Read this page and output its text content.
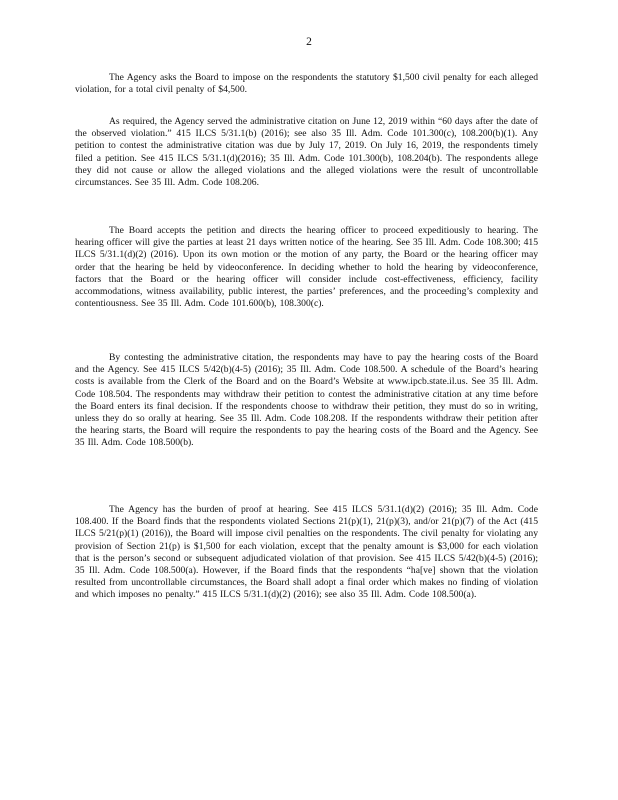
2

The Agency asks the Board to impose on the respondents the statutory $1,500 civil penalty for each alleged violation, for a total civil penalty of $4,500.

As required, the Agency served the administrative citation on June 12, 2019 within “60 days after the date of the observed violation.” 415 ILCS 5/31.1(b) (2016); see also 35 Ill. Adm. Code 101.300(c), 108.200(b)(1). Any petition to contest the administrative citation was due by July 17, 2019. On July 16, 2019, the respondents timely filed a petition. See 415 ILCS 5/31.1(d)(2016); 35 Ill. Adm. Code 101.300(b), 108.204(b). The respondents allege they did not cause or allow the alleged violations and the alleged violations were the result of uncontrollable circumstances. See 35 Ill. Adm. Code 108.206.

The Board accepts the petition and directs the hearing officer to proceed expeditiously to hearing. The hearing officer will give the parties at least 21 days written notice of the hearing. See 35 Ill. Adm. Code 108.300; 415 ILCS 5/31.1(d)(2) (2016). Upon its own motion or the motion of any party, the Board or the hearing officer may order that the hearing be held by videoconference. In deciding whether to hold the hearing by videoconference, factors that the Board or the hearing officer will consider include cost-effectiveness, efficiency, facility accommodations, witness availability, public interest, the parties’ preferences, and the proceeding’s complexity and contentiousness. See 35 Ill. Adm. Code 101.600(b), 108.300(c).

By contesting the administrative citation, the respondents may have to pay the hearing costs of the Board and the Agency. See 415 ILCS 5/42(b)(4-5) (2016); 35 Ill. Adm. Code 108.500. A schedule of the Board’s hearing costs is available from the Clerk of the Board and on the Board’s Website at www.ipcb.state.il.us. See 35 Ill. Adm. Code 108.504. The respondents may withdraw their petition to contest the administrative citation at any time before the Board enters its final decision. If the respondents choose to withdraw their petition, they must do so in writing, unless they do so orally at hearing. See 35 Ill. Adm. Code 108.208. If the respondents withdraw their petition after the hearing starts, the Board will require the respondents to pay the hearing costs of the Board and the Agency. See 35 Ill. Adm. Code 108.500(b).

The Agency has the burden of proof at hearing. See 415 ILCS 5/31.1(d)(2) (2016); 35 Ill. Adm. Code 108.400. If the Board finds that the respondents violated Sections 21(p)(1), 21(p)(3), and/or 21(p)(7) of the Act (415 ILCS 5/21(p)(1) (2016)), the Board will impose civil penalties on the respondents. The civil penalty for violating any provision of Section 21(p) is $1,500 for each violation, except that the penalty amount is $3,000 for each violation that is the person’s second or subsequent adjudicated violation of that provision. See 415 ILCS 5/42(b)(4-5) (2016); 35 Ill. Adm. Code 108.500(a). However, if the Board finds that the respondents “ha[ve] shown that the violation resulted from uncontrollable circumstances, the Board shall adopt a final order which makes no finding of violation and which imposes no penalty.” 415 ILCS 5/31.1(d)(2) (2016); see also 35 Ill. Adm. Code 108.500(a).
